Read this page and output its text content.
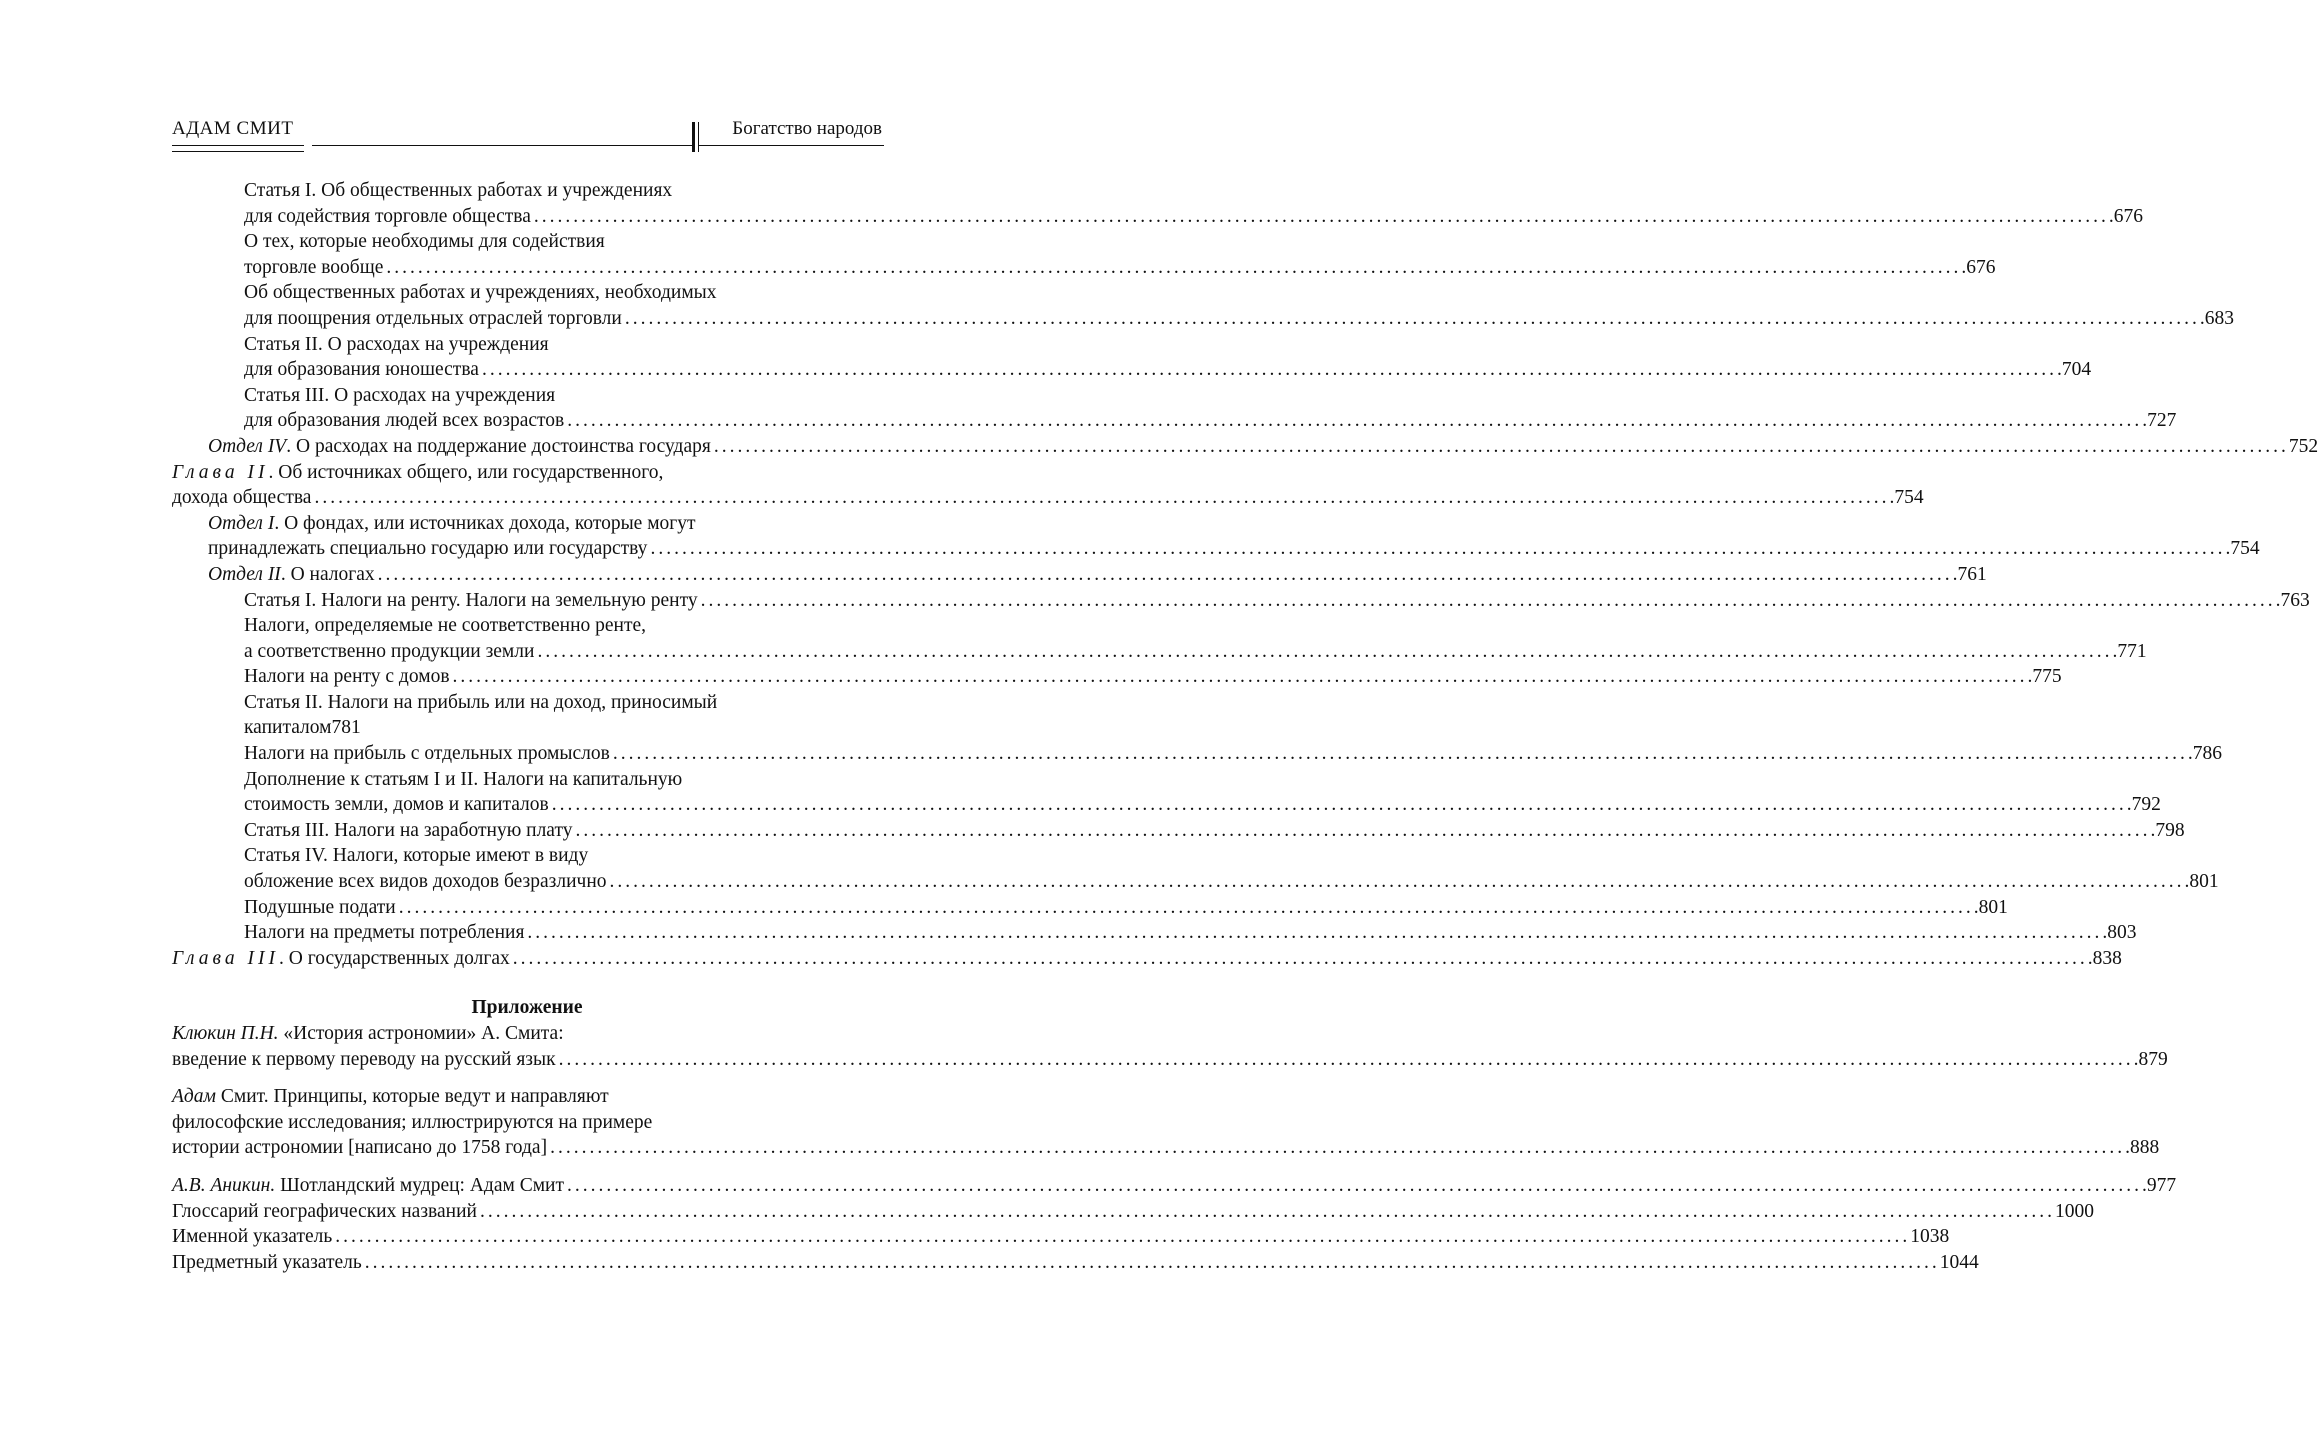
АДАМ СМИТ	Богатство народов
Статья I. Об общественных работах и учреждениях
для содействия торговле общества ........................................................................................................................................................................................................ .676
О тех, которые необходимы для содействия
торговле вообще ........................................................................................................................................................................................................ .676
Об общественных работах и учреждениях, необходимых
для поощрения отдельных отраслей торговли ........................................................................................................................................................................................................ .683
Статья II. О расходах на учреждения
для образования юношества ........................................................................................................................................................................................................ .704
Статья III. О расходах на учреждения
для образования людей всех возрастов ........................................................................................................................................................................................................ .727
Отдел IV. О расходах на поддержание достоинства государя ........................................................................................................................................................................................................ 752
Глава II. Об источниках общего, или государственного,
дохода общества ........................................................................................................................................................................................................ .754
Отдел I. О фондах, или источниках дохода, которые могут
принадлежать специально государю или государству ........................................................................................................................................................................................................ .754
Отдел II. О налогах ........................................................................................................................................................................................................ .761
Статья I. Налоги на ренту. Налоги на земельную ренту ........................................................................................................................................................................................................ .763
Налоги, определяемые не соответственно ренте,
а соответственно продукции земли ........................................................................................................................................................................................................ .771
Налоги на ренту с домов ........................................................................................................................................................................................................ .775
Статья II. Налоги на прибыль или на доход, приносимый
капиталом781
Налоги на прибыль с отдельных промыслов ........................................................................................................................................................................................................ .786
Дополнение к статьям I и II. Налоги на капитальную
стоимость земли, домов и капиталов ........................................................................................................................................................................................................ .792
Статья III. Налоги на заработную плату ........................................................................................................................................................................................................ .798
Статья IV. Налоги, которые имеют в виду
обложение всех видов доходов безразлично ........................................................................................................................................................................................................ .801
Подушные подати ........................................................................................................................................................................................................ .801
Налоги на предметы потребления ........................................................................................................................................................................................................ .803
Глава III. О государственных долгах ........................................................................................................................................................................................................ .838
Приложение
Клюкин П.Н. «История астрономии» А. Смита:
введение к первому переводу на русский язык ........................................................................................................................................................................................................ .879
Адам Смит. Принципы, которые ведут и направляют
философские исследования; иллюстрируются на примере
истории астрономии [написано до 1758 года] ........................................................................................................................................................................................................ .888
А.В. Аникин. Шотландский мудрец: Адам Смит ........................................................................................................................................................................................................ .977
Глоссарий географических названий ........................................................................................................................................................................................................ 1000
Именной указатель ........................................................................................................................................................................................................ 1038
Предметный указатель ........................................................................................................................................................................................................ 1044
